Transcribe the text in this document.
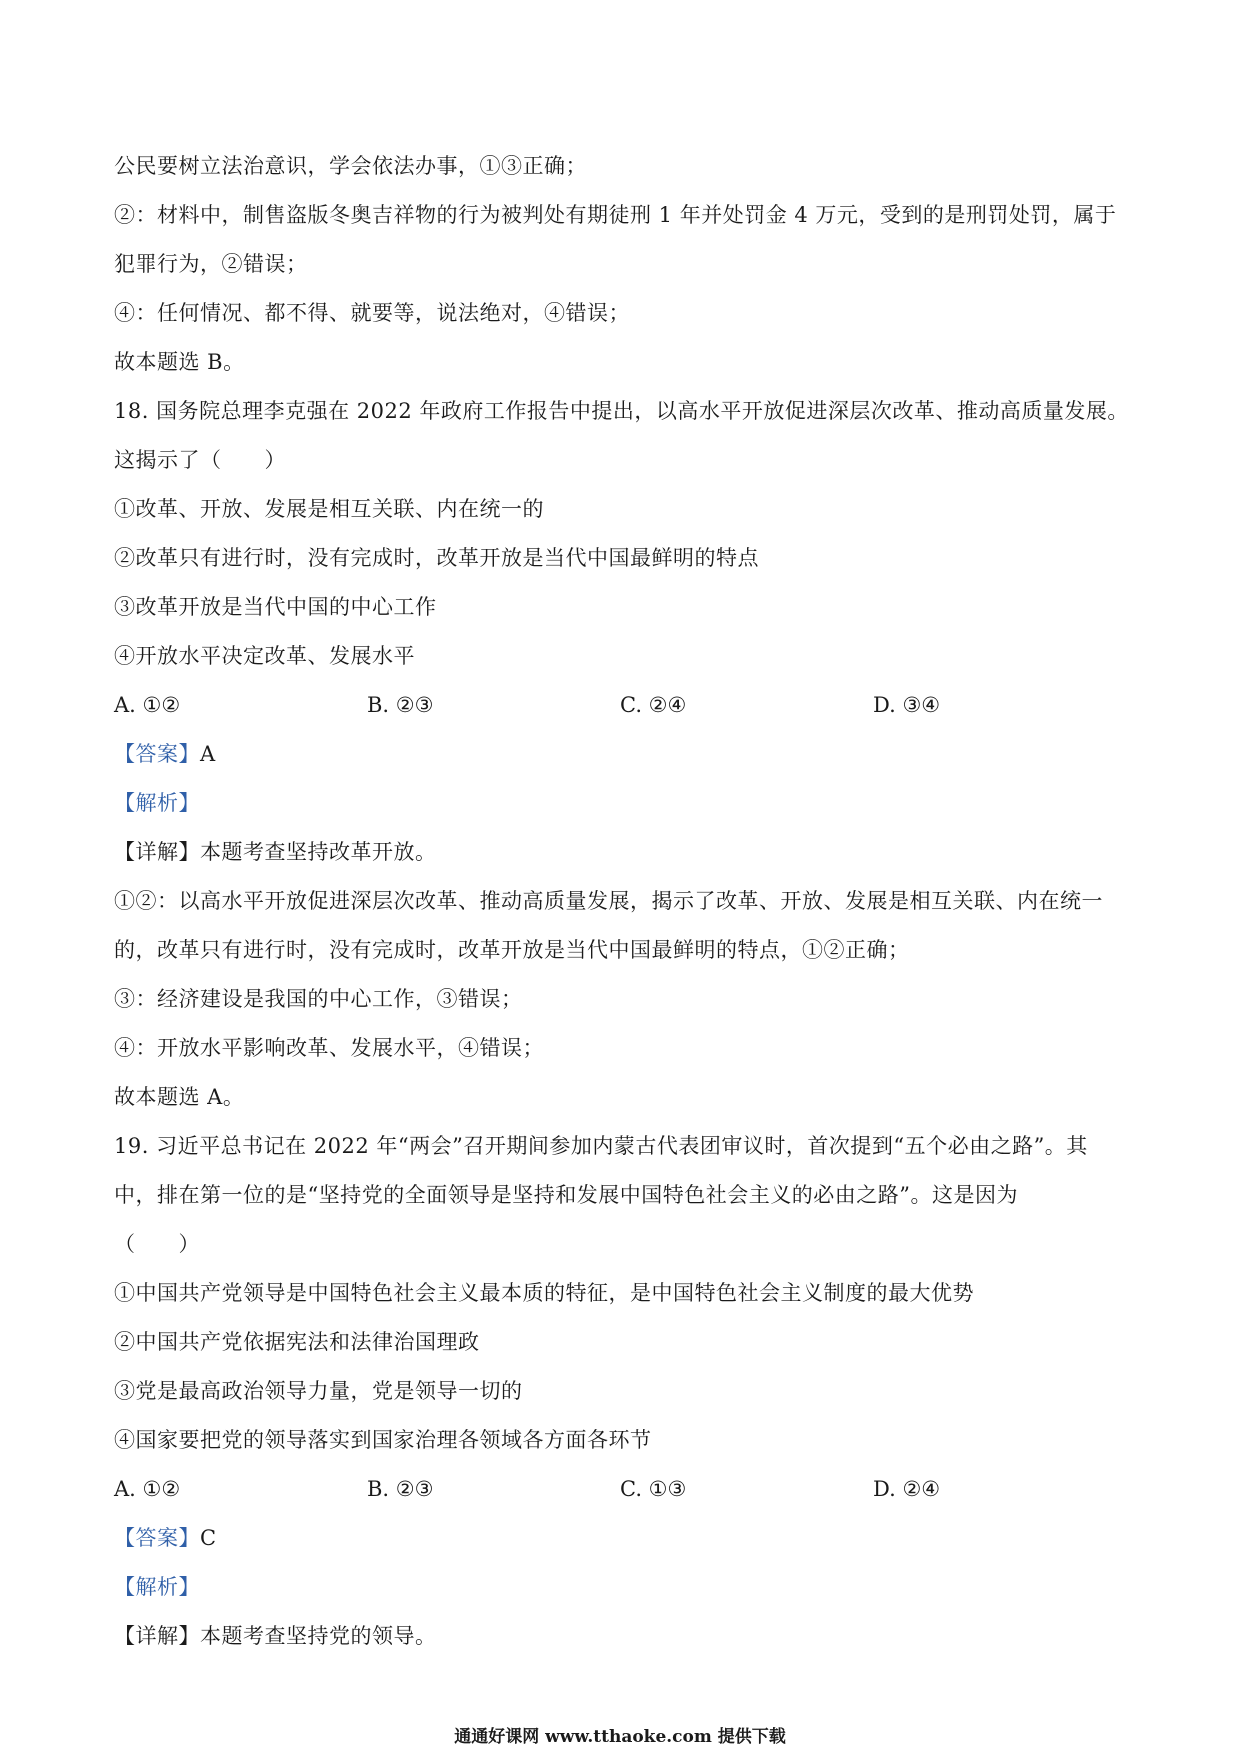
公民要树立法治意识，学会依法办事，①③正确；
②：材料中，制售盗版冬奥吉祥物的行为被判处有期徒刑 1 年并处罚金 4 万元，受到的是刑罚处罚，属于
犯罪行为，②错误；
④：任何情况、都不得、就要等，说法绝对，④错误；
故本题选 B。
18. 国务院总理李克强在 2022 年政府工作报告中提出，以高水平开放促进深层次改革、推动高质量发展。
这揭示了（　　）
①改革、开放、发展是相互关联、内在统一的
②改革只有进行时，没有完成时，改革开放是当代中国最鲜明的特点
③改革开放是当代中国的中心工作
④开放水平决定改革、发展水平
A. ①②	B. ②③	C. ②④	D. ③④
【答案】A
【解析】
【详解】本题考查坚持改革开放。
①②：以高水平开放促进深层次改革、推动高质量发展，揭示了改革、开放、发展是相互关联、内在统一
的，改革只有进行时，没有完成时，改革开放是当代中国最鲜明的特点，①②正确；
③：经济建设是我国的中心工作，③错误；
④：开放水平影响改革、发展水平，④错误；
故本题选 A。
19. 习近平总书记在 2022 年“两会”召开期间参加内蒙古代表团审议时，首次提到“五个必由之路”。其
中，排在第一位的是“坚持党的全面领导是坚持和发展中国特色社会主义的必由之路”。这是因为
（　　）
①中国共产党领导是中国特色社会主义最本质的特征，是中国特色社会主义制度的最大优势
②中国共产党依据宪法和法律治国理政
③党是最高政治领导力量，党是领导一切的
④国家要把党的领导落实到国家治理各领域各方面各环节
A. ①②	B. ②③	C. ①③	D. ②④
【答案】C
【解析】
【详解】本题考查坚持党的领导。
通通好课网 www.tthaoke.com 提供下载
